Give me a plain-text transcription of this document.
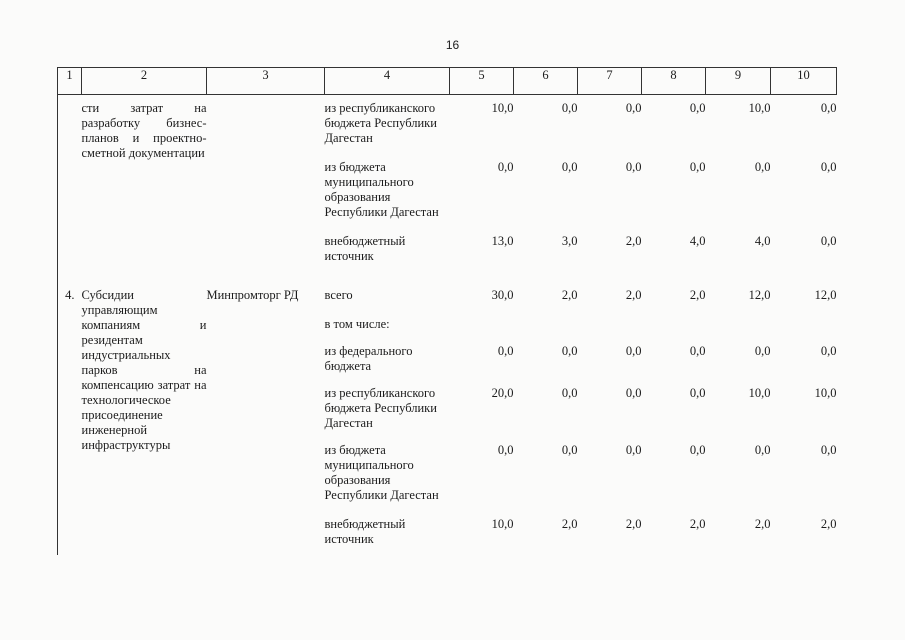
16
1	2	3	4	5	6	7	8	9	10
	сти затрат на разработку бизнес-планов и проектно-сметной документации		из республиканского бюджета Республики Дагестан	10,0	0,0	0,0	0,0	10,0	0,0
			из бюджета муниципального образования Республики Дагестан	0,0	0,0	0,0	0,0	0,0	0,0
			внебюджетный источник	13,0	3,0	2,0	4,0	4,0	0,0
4.	Субсидии управляющим компаниям и резидентам индустриальных парков на компенсацию затрат на технологическое присоединение инженерной инфраструктуры	Минпромторг РД	всего	30,0	2,0	2,0	2,0	12,0	12,0
			в том числе:						
			из федерального бюджета	0,0	0,0	0,0	0,0	0,0	0,0
			из республиканского бюджета Республики Дагестан	20,0	0,0	0,0	0,0	10,0	10,0
			из бюджета муниципального образования Республики Дагестан	0,0	0,0	0,0	0,0	0,0	0,0
			внебюджетный источник	10,0	2,0	2,0	2,0	2,0	2,0
